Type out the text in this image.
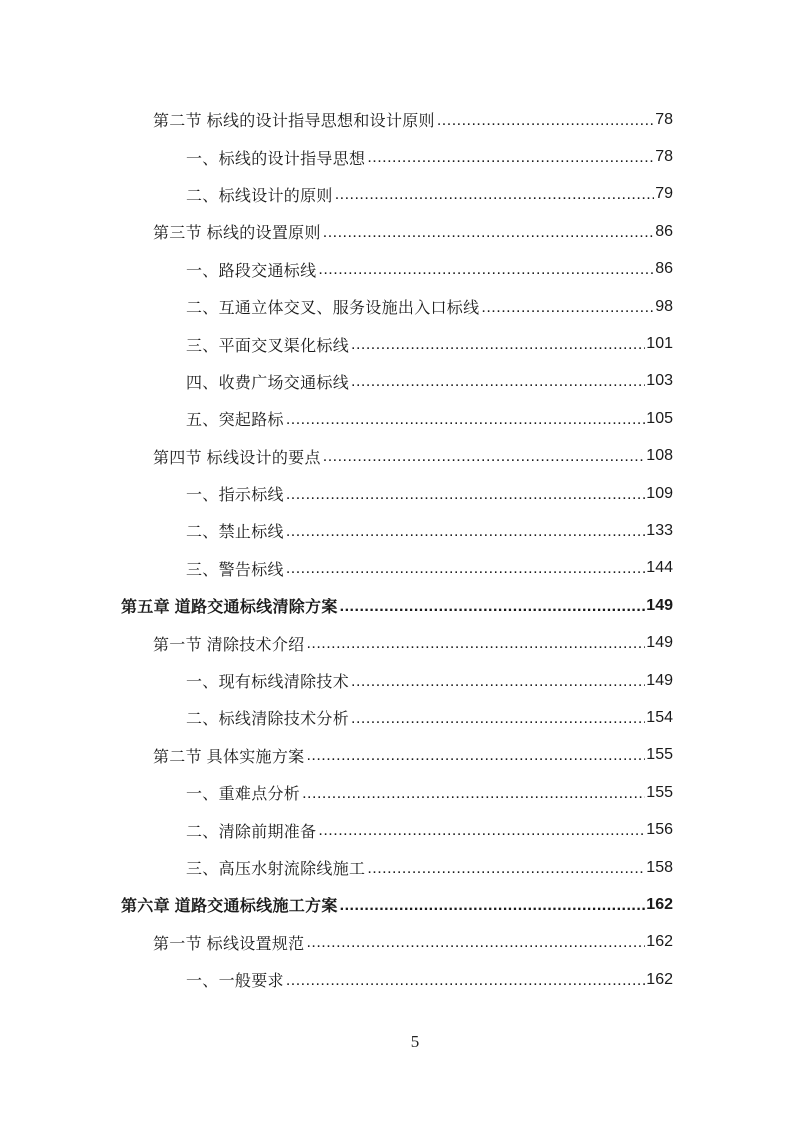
第二节 标线的设计指导思想和设计原则 .....	78
一、标线的设计指导思想 .....	78
二、标线设计的原则 .....	79
第三节 标线的设置原则 .....	86
一、路段交通标线 .....	86
二、互通立体交叉、服务设施出入口标线 .....	98
三、平面交叉渠化标线 .....	101
四、收费广场交通标线 .....	103
五、突起路标 .....	105
第四节 标线设计的要点 .....	108
一、指示标线 .....	109
二、禁止标线 .....	133
三、警告标线 .....	144
第五章 道路交通标线清除方案 .....	149
第一节 清除技术介绍 .....	149
一、现有标线清除技术 .....	149
二、标线清除技术分析 .....	154
第二节 具体实施方案 .....	155
一、重难点分析 .....	155
二、清除前期准备 .....	156
三、高压水射流除线施工 .....	158
第六章 道路交通标线施工方案 .....	162
第一节 标线设置规范 .....	162
一、一般要求 .....	162
5
